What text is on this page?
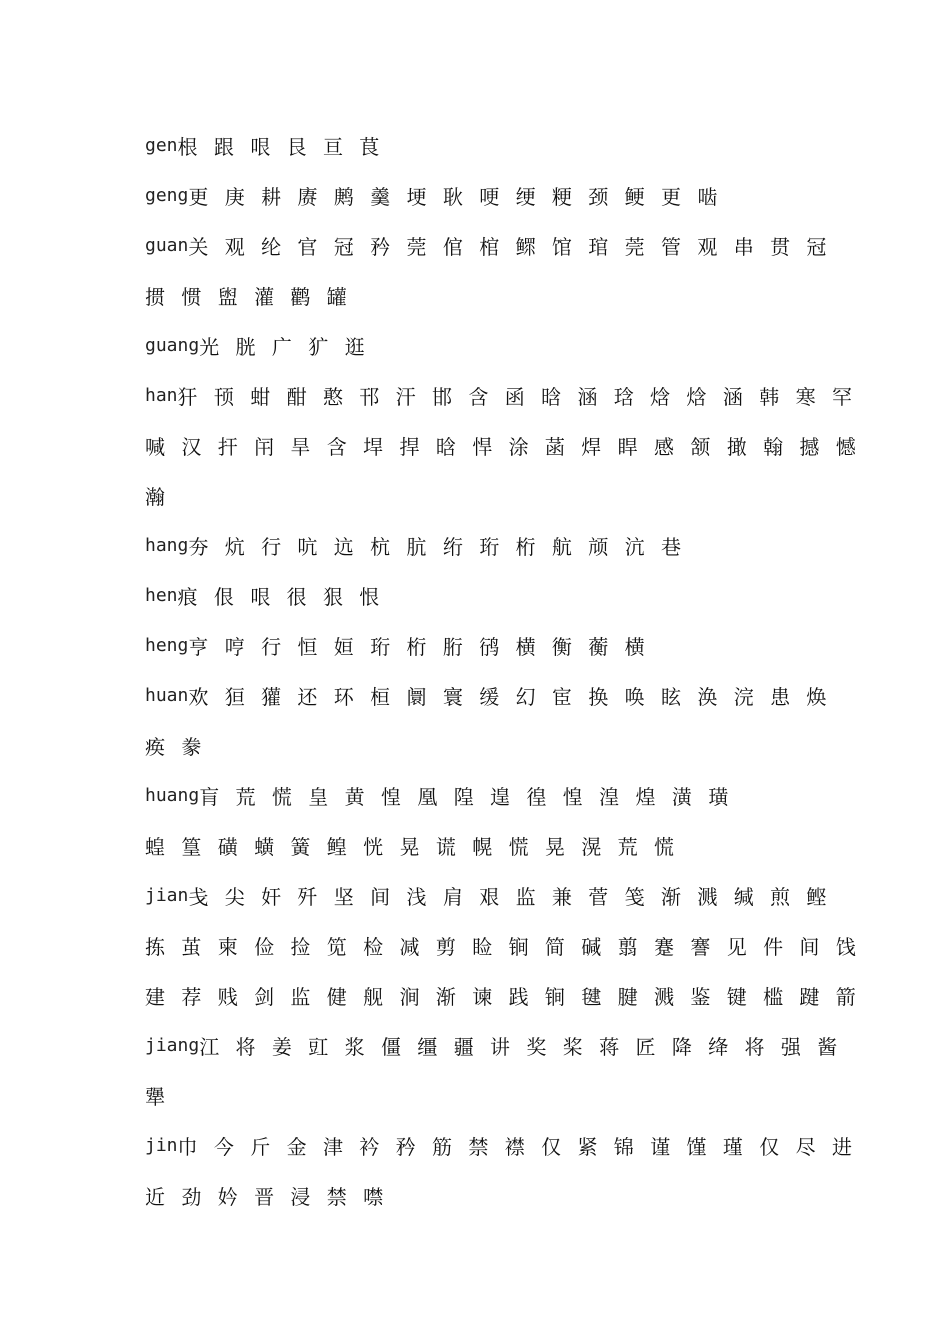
gen 根 跟 哏 艮 亘 茛
geng 更 庚 耕 赓 鹒 羹 埂 耿 哽 绠 粳 颈 鲠 更 啮
guan 关 观 纶 官 冠 矜 莞 倌 棺 鳏 馆 琯 莞 管 观 串 贯 冠
掼 惯 盥 灌 鹳 罐
guang 光 胱 广 犷 逛
han 犴 顸 蚶 酣 憨 邗 汗 邯 含 函 晗 涵 琀 焓 焓 涵 韩 寒 罕
喊 汉 扞 闬 旱 含 垾 捍 晗 悍 涂 菡 焊 睅 感 颔 撖 翰 撼 憾
瀚
hang 夯 炕 行 吭 迒 杭 肮 绗 珩 桁 航 颃 沆 巷
hen 痕 佷 哏 很 狠 恨
heng 亨 哼 行 恒 姮 珩 桁 胻 鸻 横 衡 蘅 横
huan 欢 狟 獾 还 环 桓 阛 寰 缓 幻 宦 换 唤 眩 涣 浣 患 焕
痪 豢
huang 肓 荒 慌 皇 黄 惶 凰 隍 遑 徨 惶 湟 煌 潢 璜
蝗 篁 磺 蟥 簧 鳇 恍 晃 谎 幌 慌 晃 滉 荒 慌
jian 戋 尖 奸 歼 坚 间 浅 肩 艰 监 兼 菅 笺 渐 溅 缄 煎 鲣
拣 茧 柬 俭 捡 笕 检 减 剪 睑 锏 简 碱 翦 蹇 謇 见 件 间 饯
建 荐 贱 剑 监 健 舰 涧 渐 谏 践 锏 毽 腱 溅 鉴 键 槛 踺 箭
jiang 江 将 姜 豇 浆 僵 缰 疆 讲 奖 桨 蒋 匠 降 绛 将 强 酱
犟
jin 巾 今 斤 金 津 衿 矜 筋 禁 襟 仅 紧 锦 谨 馑 瑾 仅 尽 进
近 劲 妗 晋 浸 禁 噤
